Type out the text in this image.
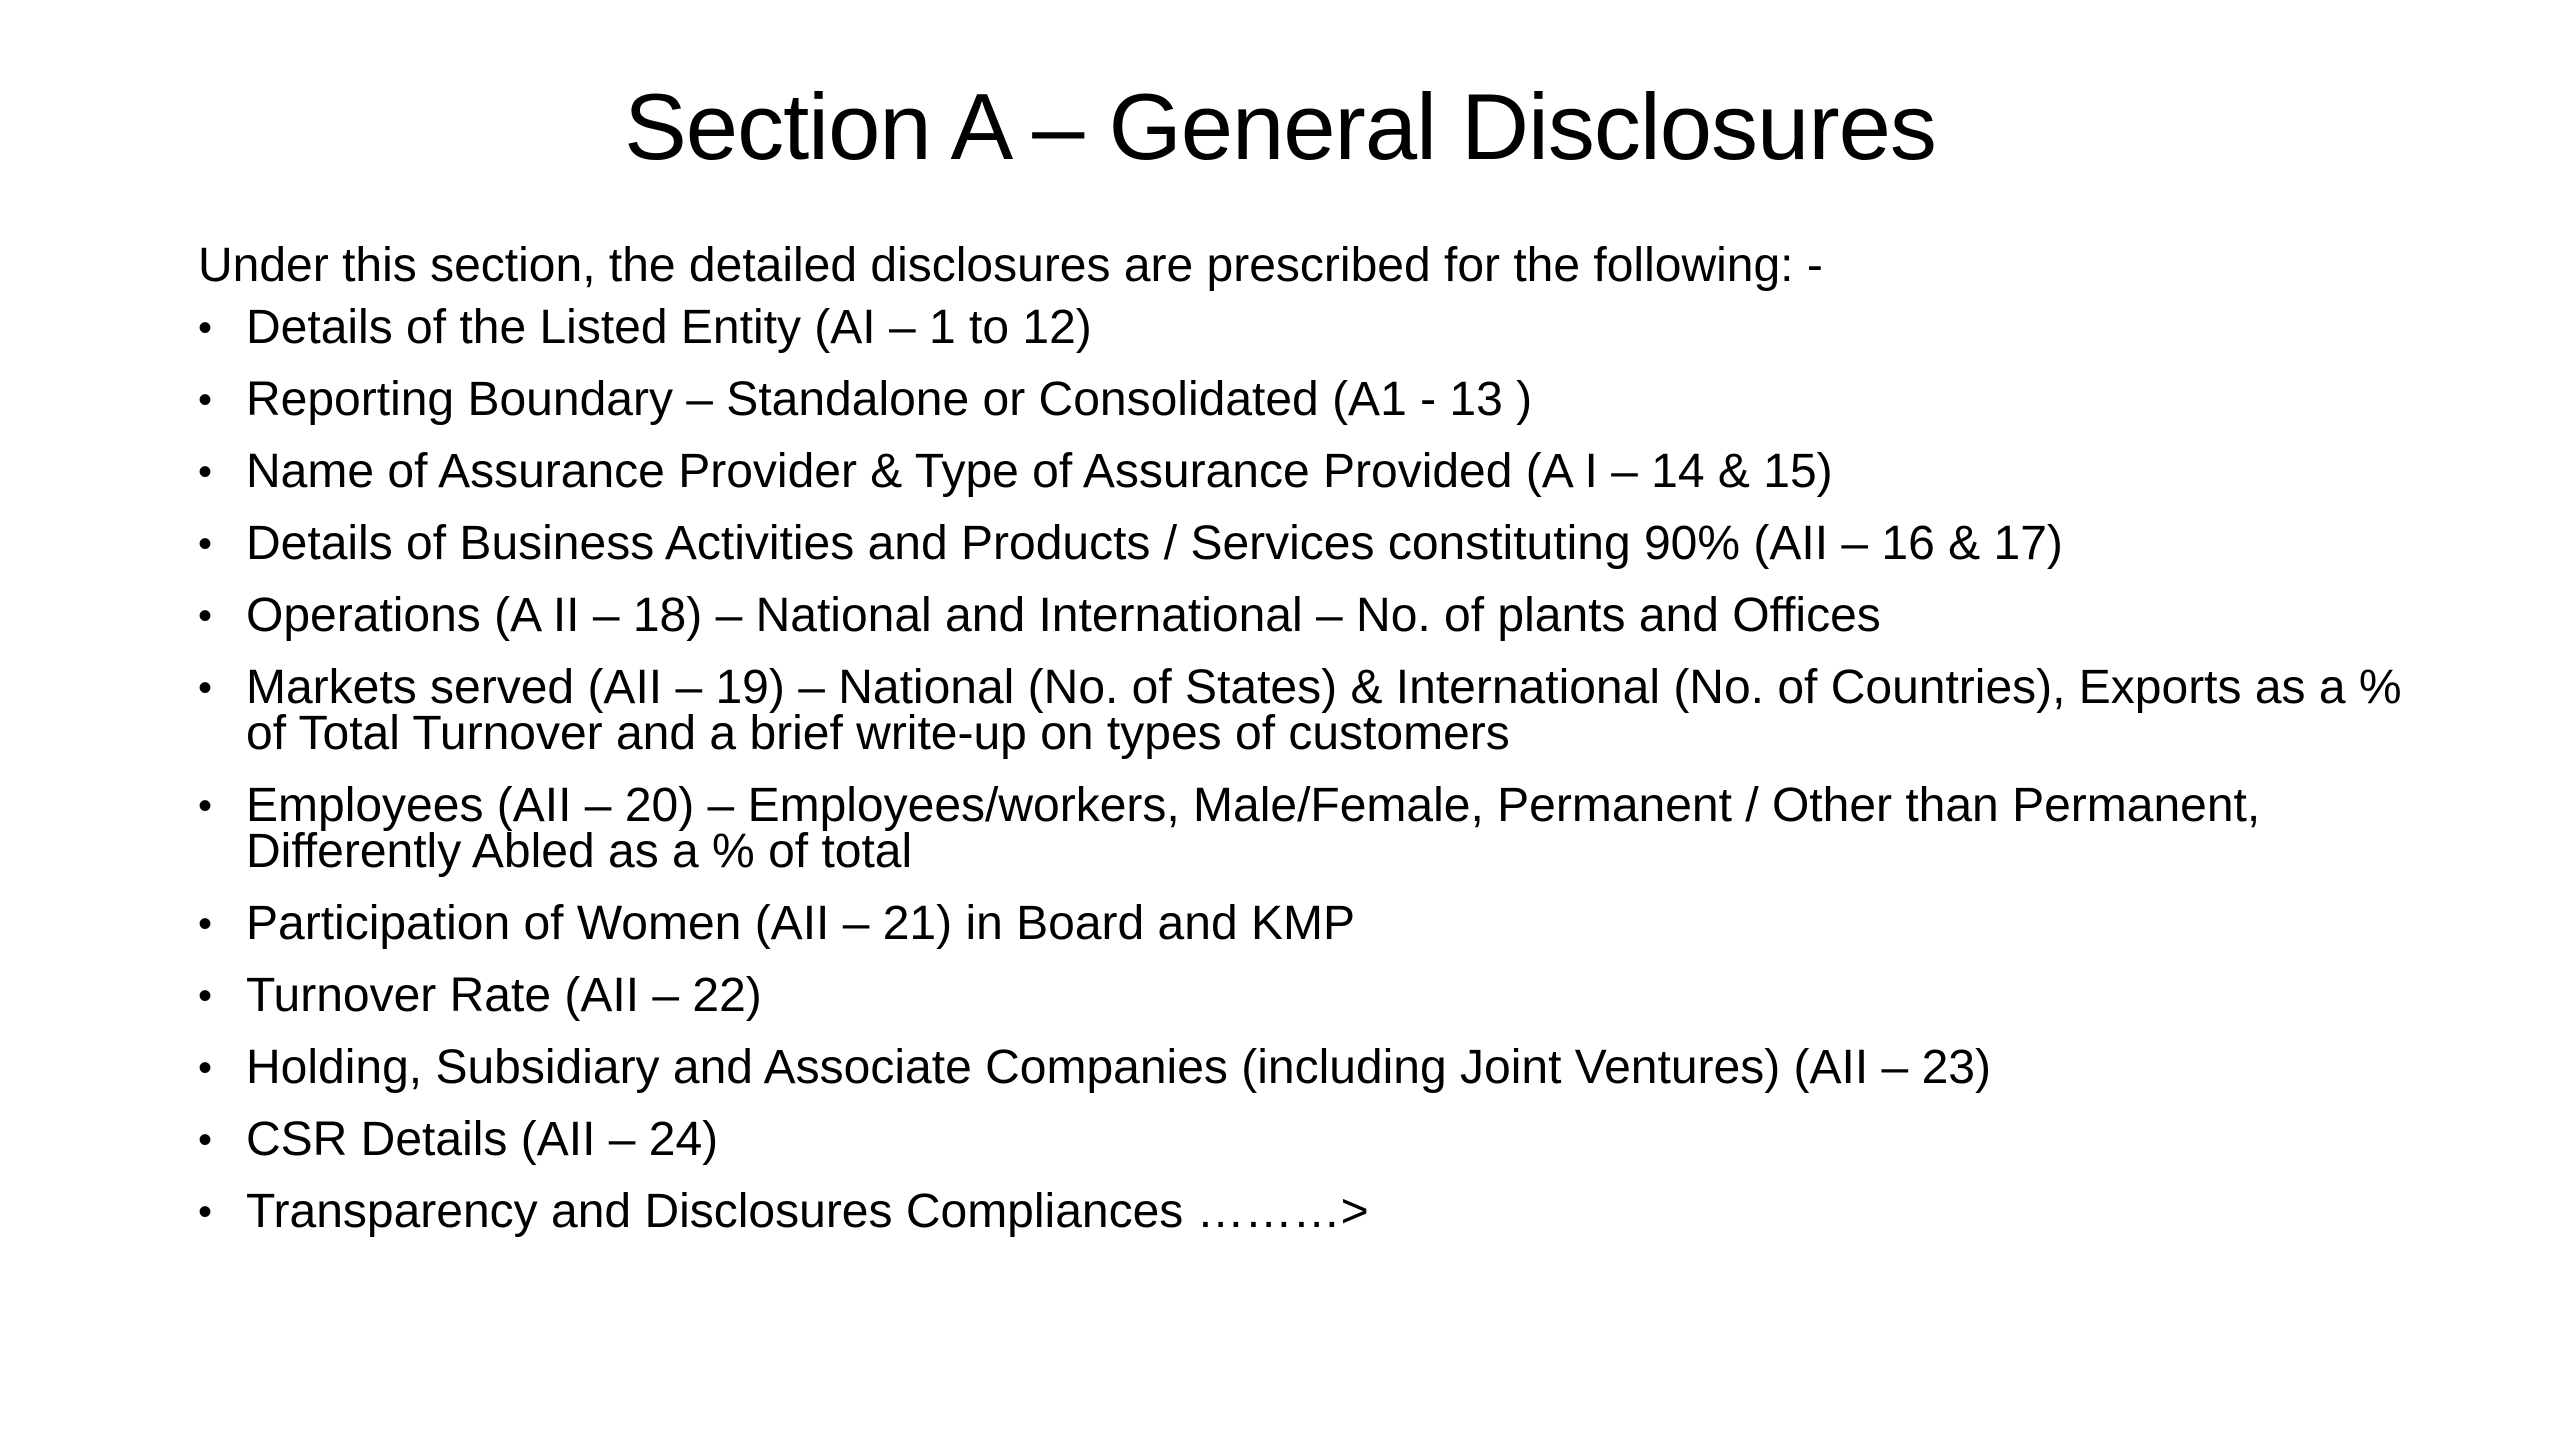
Section A – General Disclosures

Under this section, the detailed disclosures are prescribed for the following: -

• Details of the Listed Entity (AI – 1 to 12)
• Reporting Boundary – Standalone or Consolidated (A1 - 13 )
• Name of Assurance Provider & Type of Assurance Provided (A I – 14 & 15)
• Details of Business Activities and Products / Services constituting 90% (AII – 16 & 17)
• Operations (A II – 18) – National and International – No. of plants and Offices
• Markets served (AII – 19) – National (No. of States) & International (No. of Countries), Exports as a % of Total Turnover and a brief write-up on types of customers
• Employees (AII – 20) – Employees/workers, Male/Female, Permanent / Other than Permanent, Differently Abled as a % of total
• Participation of Women (AII – 21) in Board and KMP
• Turnover Rate (AII – 22)
• Holding, Subsidiary and Associate Companies (including Joint Ventures) (AII – 23)
• CSR Details (AII – 24)
• Transparency and Disclosures Compliances ………>
